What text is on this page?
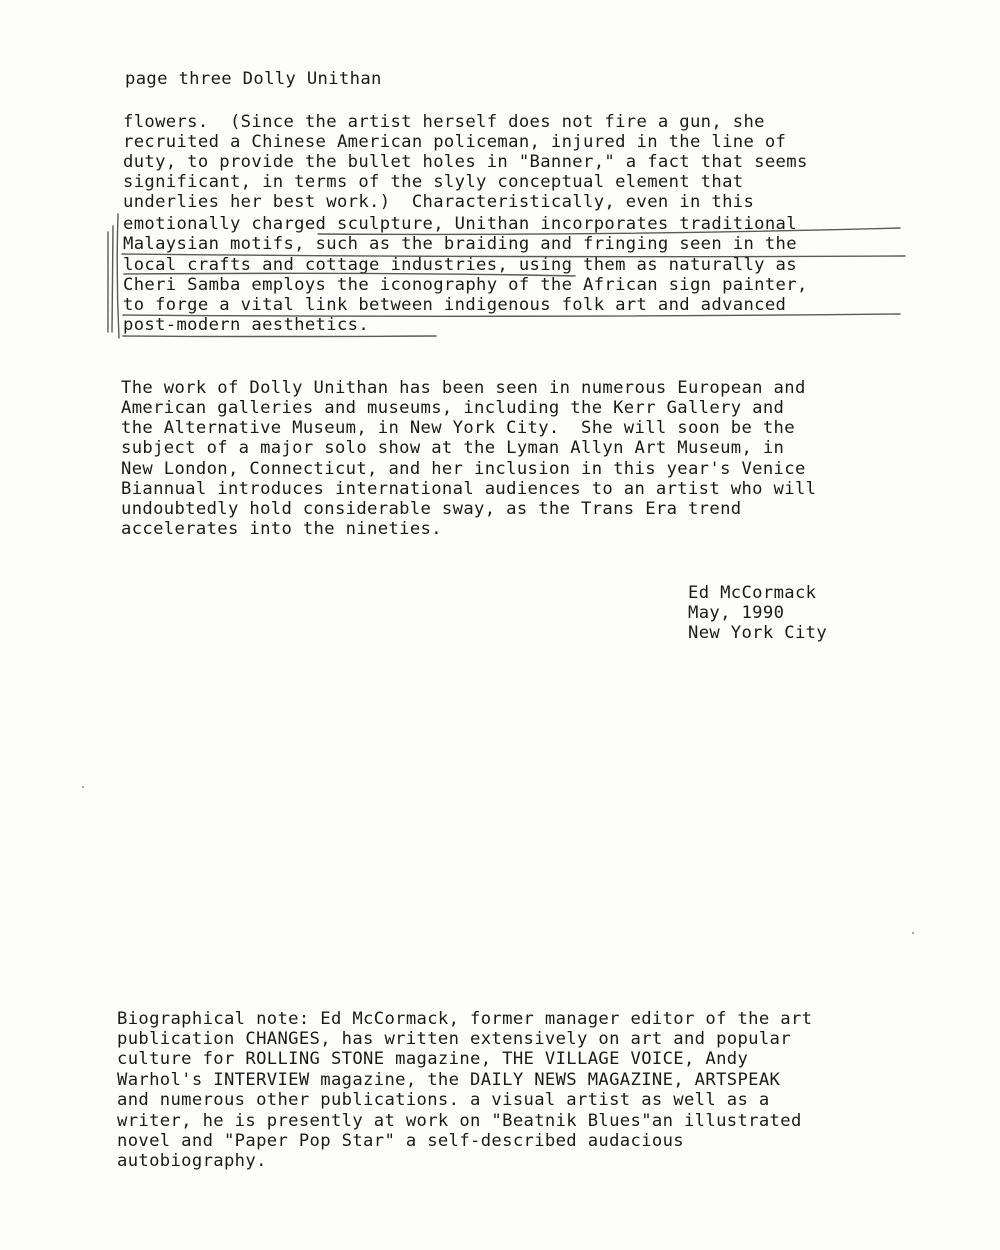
page three Dolly Unithan
flowers.  (Since the artist herself does not fire a gun, she
recruited a Chinese American policeman, injured in the line of
duty, to provide the bullet holes in "Banner," a fact that seems
significant, in terms of the slyly conceptual element that
underlies her best work.)  Characteristically, even in this
emotionally charged sculpture, Unithan incorporates traditional
Malaysian motifs, such as the braiding and fringing seen in the
local crafts and cottage industries, using them as naturally as
Cheri Samba employs the iconography of the African sign painter,
to forge a vital link between indigenous folk art and advanced
post-modern aesthetics.
The work of Dolly Unithan has been seen in numerous European and
American galleries and museums, including the Kerr Gallery and
the Alternative Museum, in New York City.  She will soon be the
subject of a major solo show at the Lyman Allyn Art Museum, in
New London, Connecticut, and her inclusion in this year's Venice
Biannual introduces international audiences to an artist who will
undoubtedly hold considerable sway, as the Trans Era trend
accelerates into the nineties.
Ed McCormack
May, 1990
New York City
Biographical note: Ed McCormack, former manager editor of the art
publication CHANGES, has written extensively on art and popular
culture for ROLLING STONE magazine, THE VILLAGE VOICE, Andy
Warhol's INTERVIEW magazine, the DAILY NEWS MAGAZINE, ARTSPEAK
and numerous other publications. a visual artist as well as a
writer, he is presently at work on "Beatnik Blues"an illustrated
novel and "Paper Pop Star" a self-described audacious
autobiography.
